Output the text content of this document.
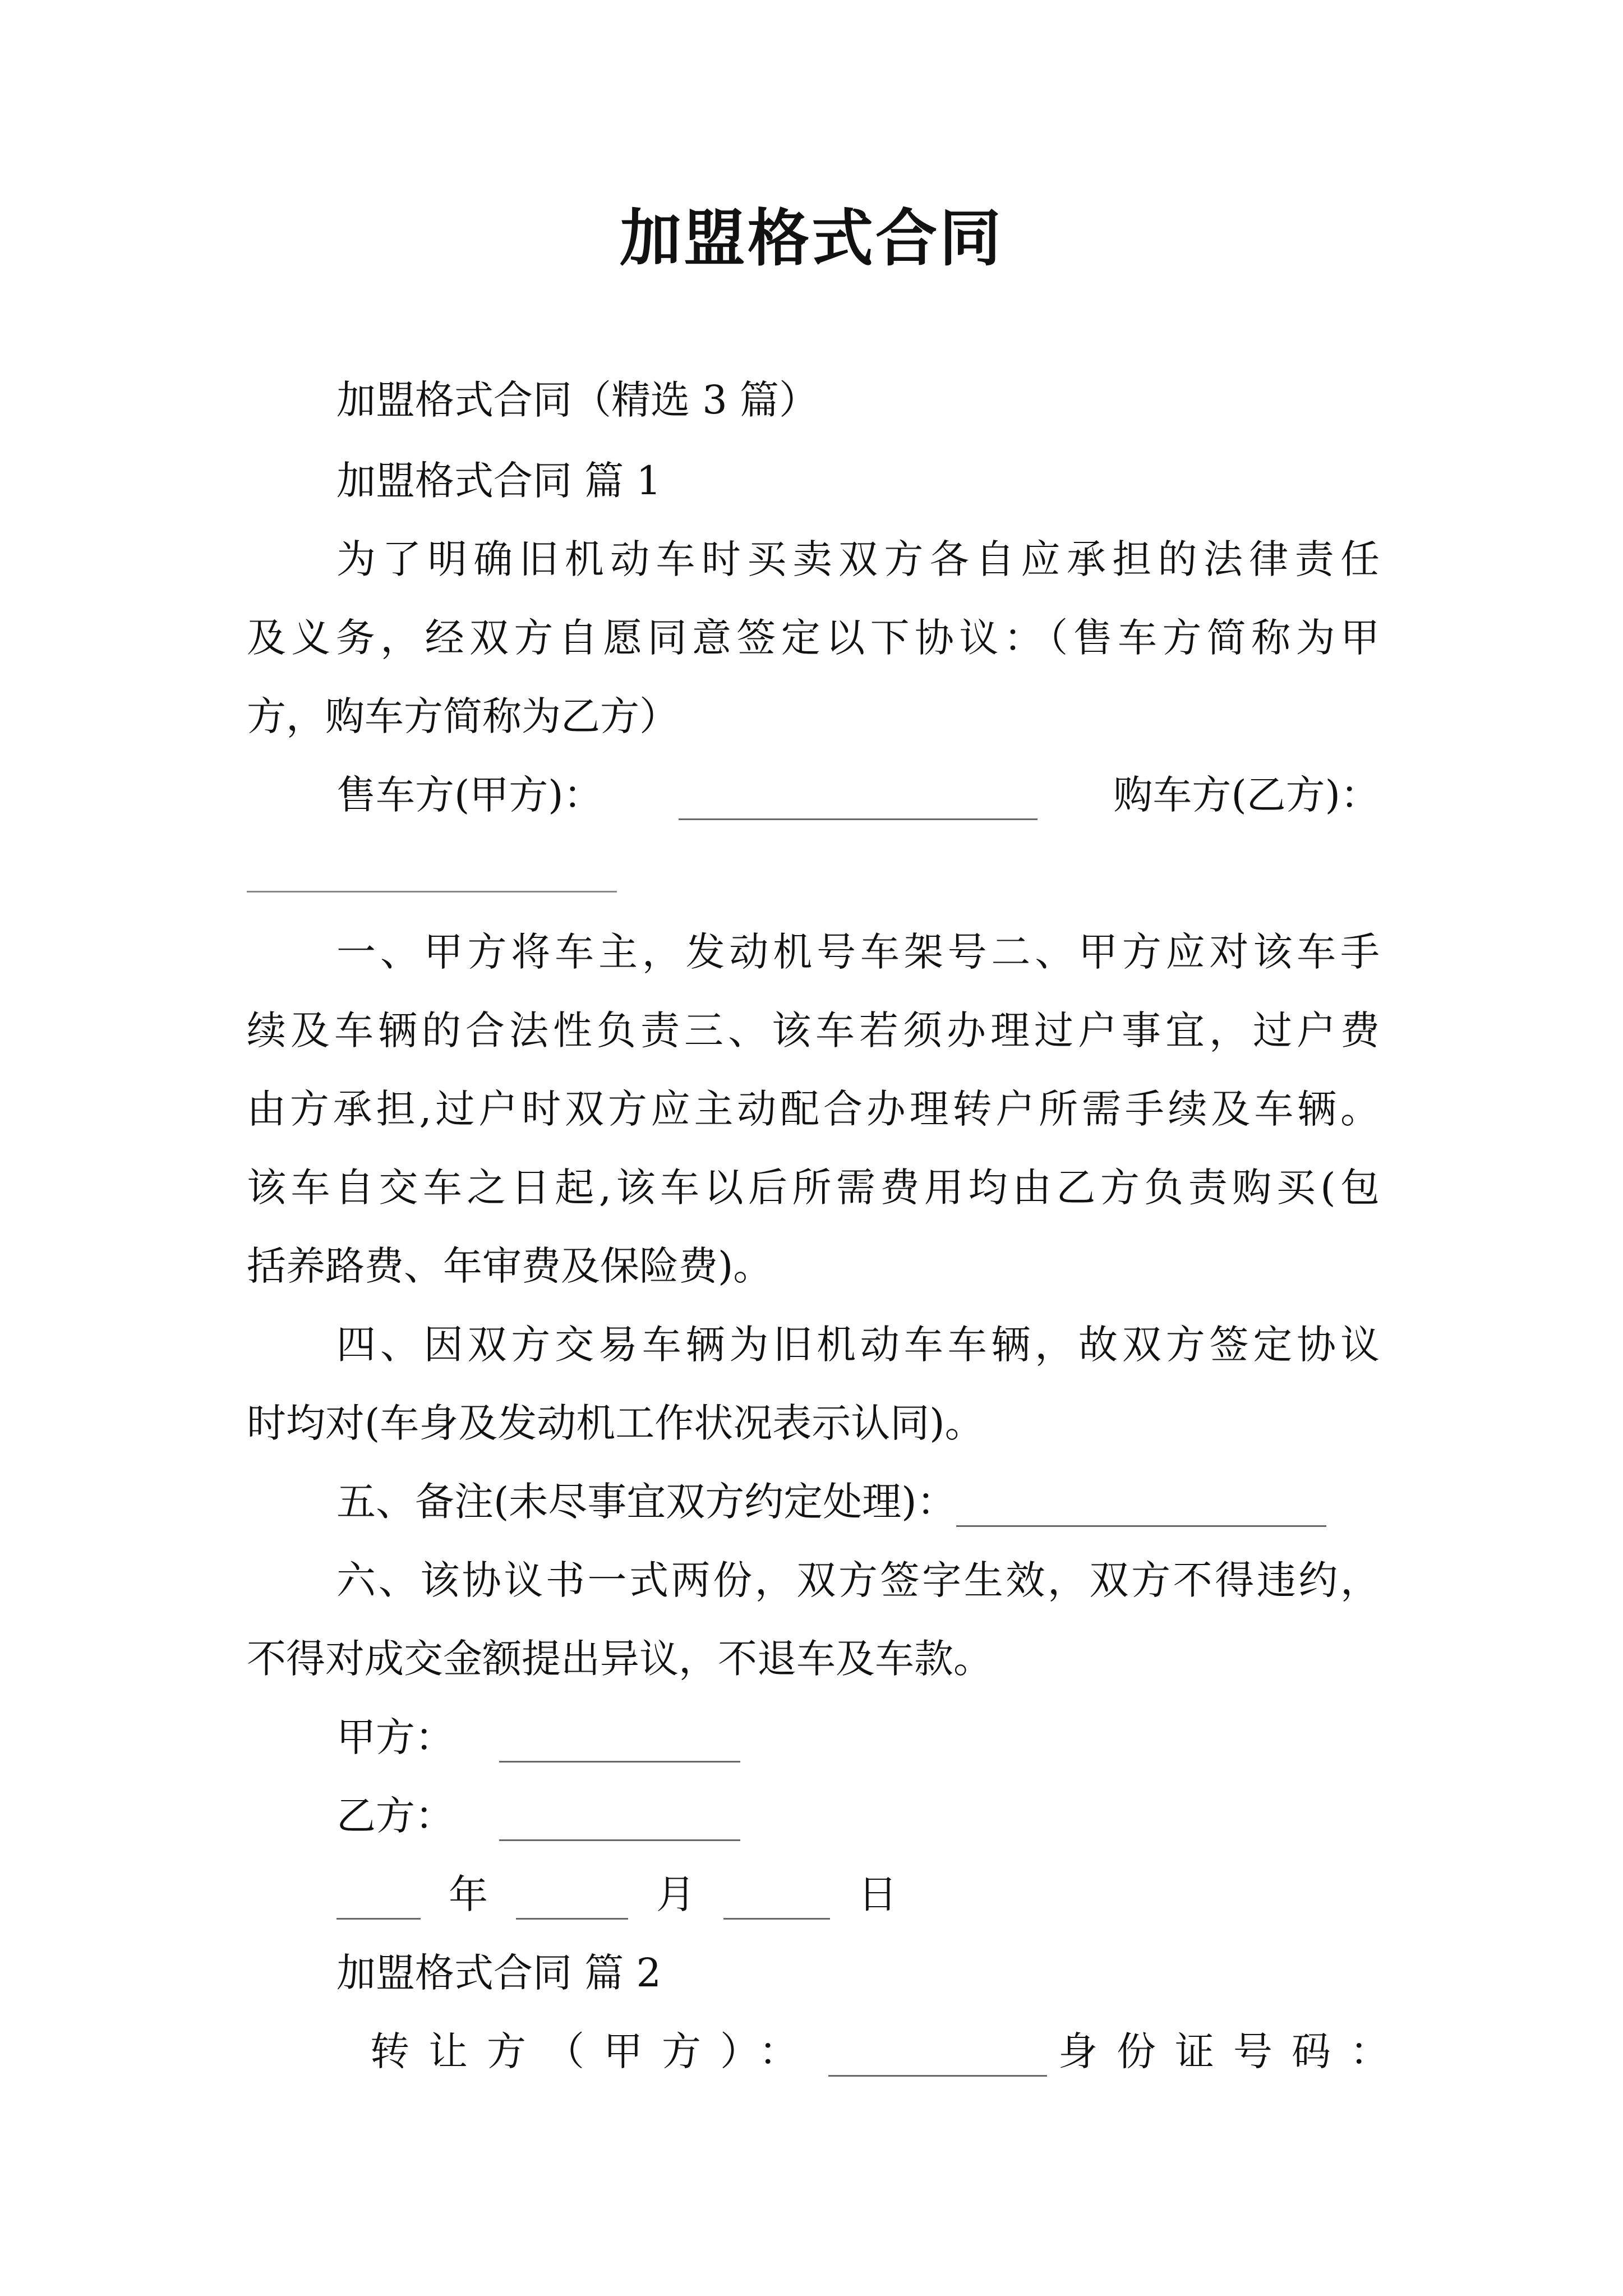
加盟格式合同
加盟格式合同（精选 3 篇）
加盟格式合同 篇 1
为了明确旧机动车时买卖双方各自应承担的法律责任
及义务，经双方自愿同意签定以下协议：（售车方简称为甲
方，购车方简称为乙方）
售车方(甲方)：	购车方(乙方)：
一、甲方将车主，发动机号车架号二、甲方应对该车手
续及车辆的合法性负责三、该车若须办理过户事宜，过户费
由方承担,过户时双方应主动配合办理转户所需手续及车辆。
该车自交车之日起,该车以后所需费用均由乙方负责购买(包
括养路费、年审费及保险费)。
四、因双方交易车辆为旧机动车车辆，故双方签定协议
时均对(车身及发动机工作状况表示认同)。
五、备注(未尽事宜双方约定处理)：
六、该协议书一式两份，双方签字生效，双方不得违约，
不得对成交金额提出异议，不退车及车款。
甲方：
乙方：
年	月	日
加盟格式合同 篇 2
转让方（甲方）：	身份证号码：
